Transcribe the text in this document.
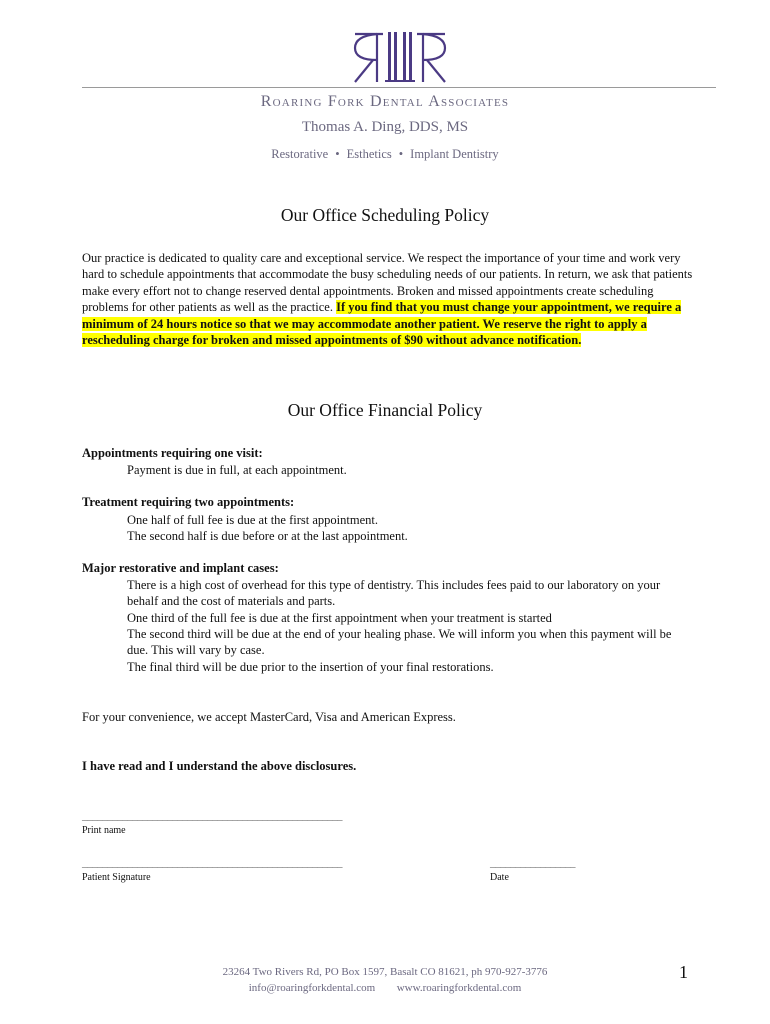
Roaring Fork Dental Associates
Thomas A. Ding, DDS, MS
Restorative • Esthetics • Implant Dentistry
Our Office Scheduling Policy
Our practice is dedicated to quality care and exceptional service. We respect the importance of your time and work very hard to schedule appointments that accommodate the busy scheduling needs of our patients. In return, we ask that patients make every effort not to change reserved dental appointments. Broken and missed appointments create scheduling problems for other patients as well as the practice. If you find that you must change your appointment, we require a minimum of 24 hours notice so that we may accommodate another patient. We reserve the right to apply a rescheduling charge for broken and missed appointments of $90 without advance notification.
Our Office Financial Policy
Appointments requiring one visit:
Payment is due in full, at each appointment.
Treatment requiring two appointments:
One half of full fee is due at the first appointment.
The second half is due before or at the last appointment.
Major restorative and implant cases:
There is a high cost of overhead for this type of dentistry. This includes fees paid to our laboratory on your behalf and the cost of materials and parts.
One third of the full fee is due at the first appointment when your treatment is started
The second third will be due at the end of your healing phase. We will inform you when this payment will be due. This will vary by case.
The final third will be due prior to the insertion of your final restorations.
For your convenience, we accept MasterCard, Visa and American Express.
I have read and I understand the above disclosures.
____________________________________________________
Print name
____________________________________________________
Patient Signature
_________________
Date
23264 Two Rivers Rd, PO Box 1597, Basalt CO 81621, ph 970-927-3776
info@roaringforkdental.com www.roaringforkdental.com
1
